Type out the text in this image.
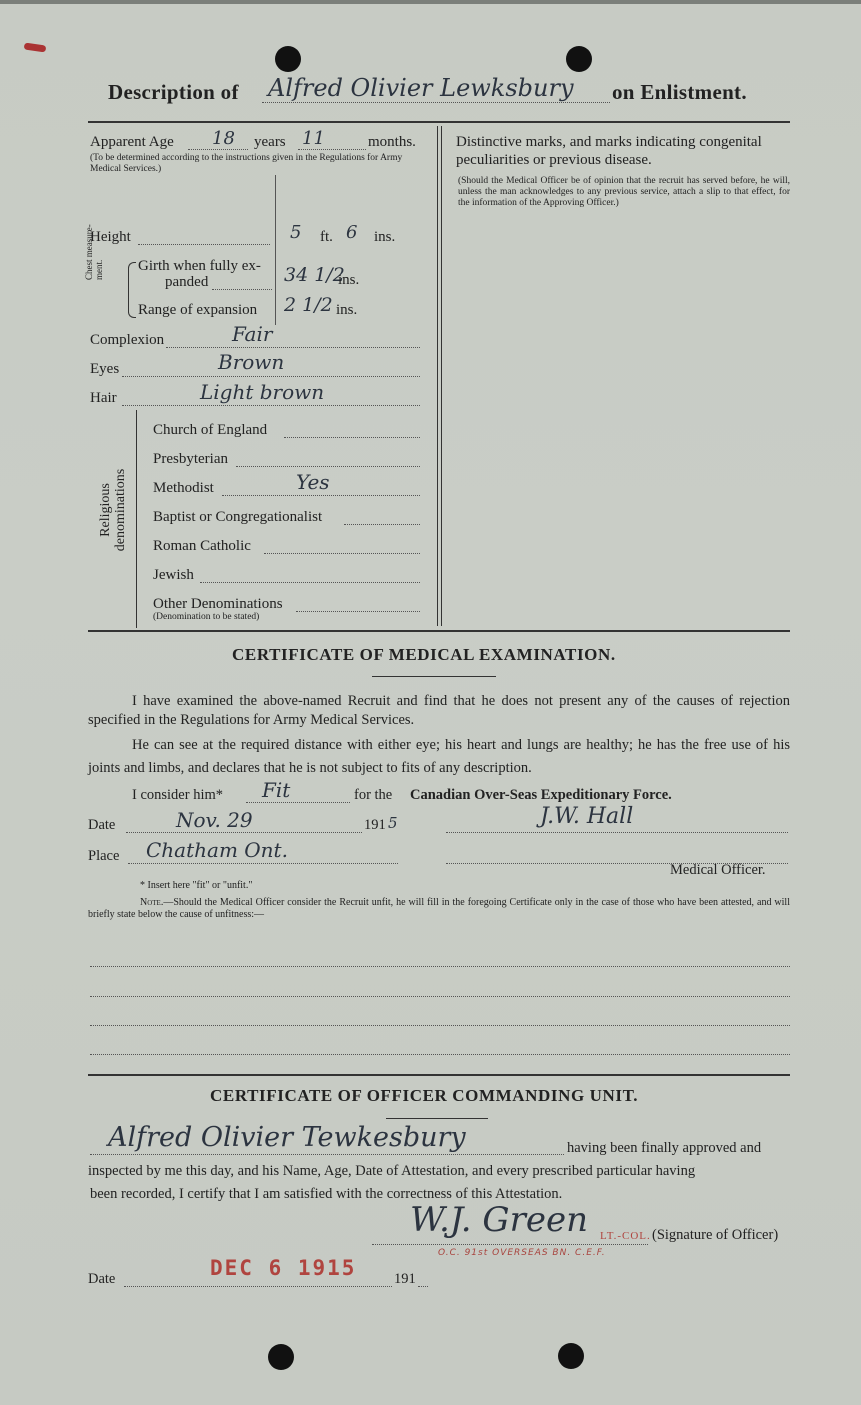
Description of Alfred Olivier Lewksbury on Enlistment.
Apparent Age 18 years 11	months.
(To be determined according to the instructions given in the Regulations for Army Medical Services.)
Height	5 ft. 6 ins.
Chest measure-ment. Girth when fully ex-
panded	34 1/2
ins.
Range of expansion 2 1/2 ins.
Complexion	Fair
Eyes	Brown
Hair	Light brown
Religious denominations
Church of England
Presbyterian
Methodist	Yes
Baptist or Congregationalist
Roman Catholic
Jewish
Other Denominations
(Denomination to be stated)
Distinctive marks, and marks indicating congenital
peculiarities or previous disease.
(Should the Medical Officer be of opinion that the recruit has served before, he will, unless the man acknowledges to any previous service, attach a slip to that effect, for the information of the Approving Officer.)
CERTIFICATE OF MEDICAL EXAMINATION.
I have examined the above-named Recruit and find that he does not present any of the causes of rejection specified in the Regulations for Army Medical Services.
He can see at the required distance with either eye; his heart and lungs are healthy; he has the free use of his joints and limbs, and declares that he is not subject to fits of any description.
I consider him* Fit	for the Canadian Over-Seas Expeditionary Force.
Date	Nov. 29	191 5	J.W. Hall
Place Chatham Ont.
Medical Officer.
* Insert here "fit" or "unfit."
Note.—Should the Medical Officer consider the Recruit unfit, he will fill in the foregoing Certificate only in the case of those who have been attested, and will briefly state below the cause of unfitness:—
CERTIFICATE OF OFFICER COMMANDING UNIT.
Alfred Olivier Tewkesbury	having been finally approved and
inspected by me this day, and his Name, Age, Date of Attestation, and every prescribed particular having
been recorded, I certify that I am satisfied with the correctness of this Attestation.
W.J. Green LT.-COL. (Signature of Officer)
O.C. 91st OVERSEAS BN. C.E.F.
Date	DEC 6 1915	191
